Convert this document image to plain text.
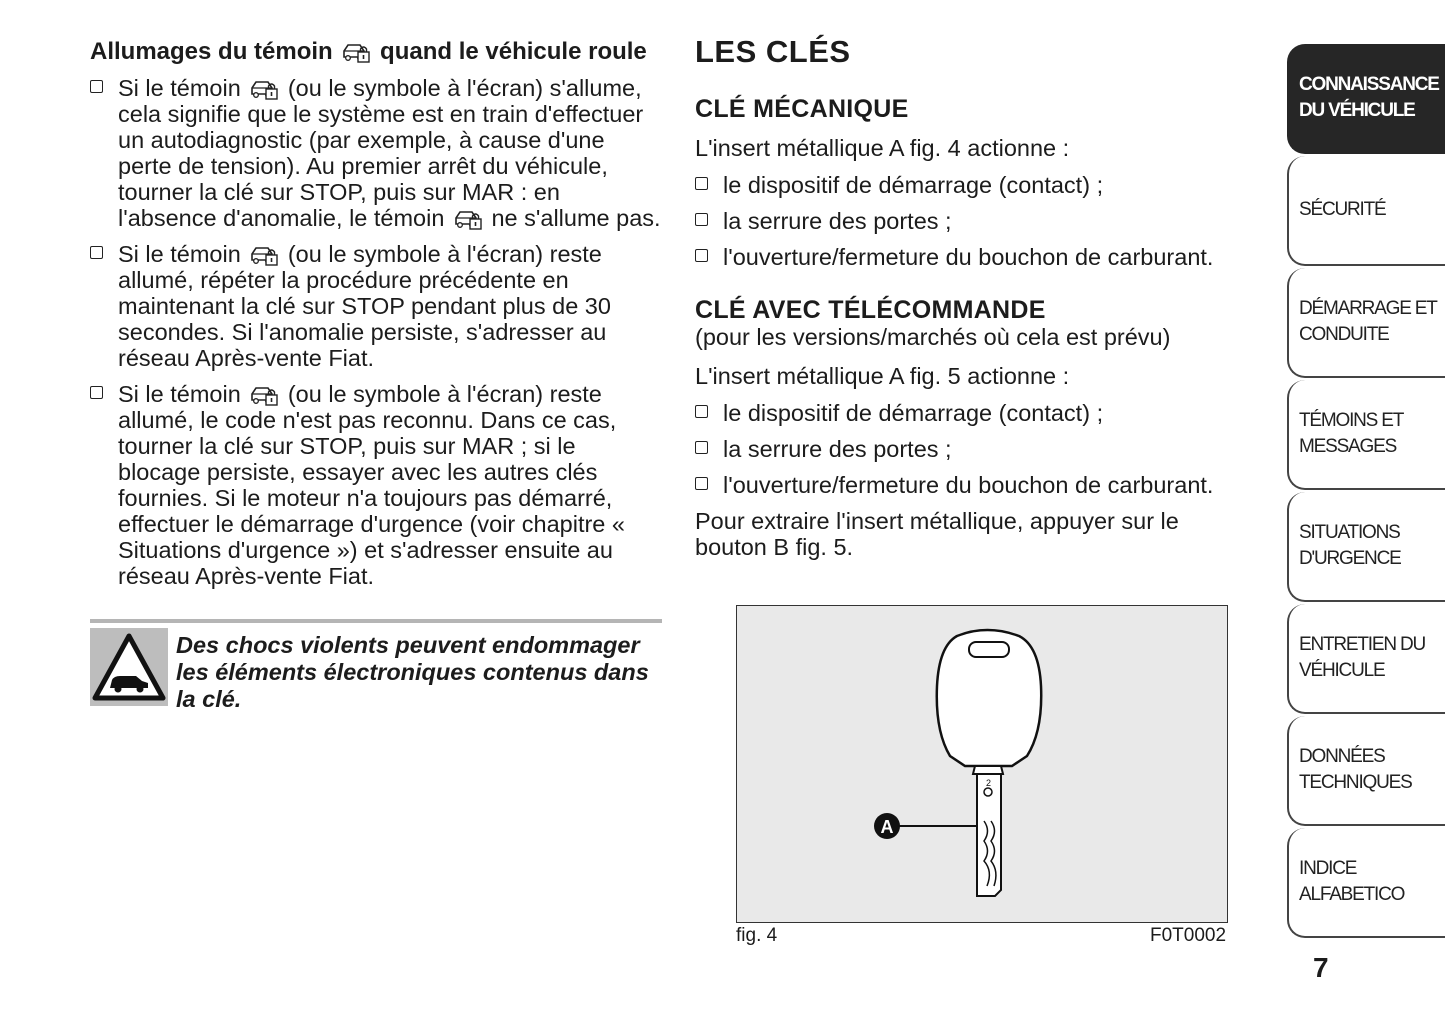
Allumages du témoin quand le véhicule roule

Si le témoin (ou le symbole à l'écran) s'allume, cela signifie que le système est en train d'effectuer un autodiagnostic (par exemple, à cause d'une perte de tension). Au premier arrêt du véhicule, tourner la clé sur STOP, puis sur MAR : en l'absence d'anomalie, le témoin ne s'allume pas.
Si le témoin (ou le symbole à l'écran) reste allumé, répéter la procédure précédente en maintenant la clé sur STOP pendant plus de 30 secondes. Si l'anomalie persiste, s'adresser au réseau Après-vente Fiat.
Si le témoin (ou le symbole à l'écran) reste allumé, le code n'est pas reconnu. Dans ce cas, tourner la clé sur STOP, puis sur MAR ; si le blocage persiste, essayer avec les autres clés fournies. Si le moteur n'a toujours pas démarré, effectuer le démarrage d'urgence (voir chapitre « Situations d'urgence ») et s'adresser ensuite au réseau Après-vente Fiat.
Des chocs violents peuvent endommager les éléments électroniques contenus dans la clé.
LES CLÉS
CLÉ MÉCANIQUE

L'insert métallique A fig. 4 actionne :

le dispositif de démarrage (contact) ;
la serrure des portes ;
l'ouverture/fermeture du bouchon de carburant.
CLÉ AVEC TÉLÉCOMMANDE

(pour les versions/marchés où cela est prévu)

L'insert métallique A fig. 5 actionne :

le dispositif de démarrage (contact) ;
la serrure des portes ;
l'ouverture/fermeture du bouchon de carburant.

Pour extraire l'insert métallique, appuyer sur le bouton B fig. 5.

2
A
fig. 4	F0T0002
CONNAISSANCE
DU VÉHICULE
SÉCURITÉ
DÉMARRAGE ET
CONDUITE
TÉMOINS ET
MESSAGES
SITUATIONS
D'URGENCE
ENTRETIEN DU
VÉHICULE
DONNÉES
TECHNIQUES
INDICE ALFABETICO
7
